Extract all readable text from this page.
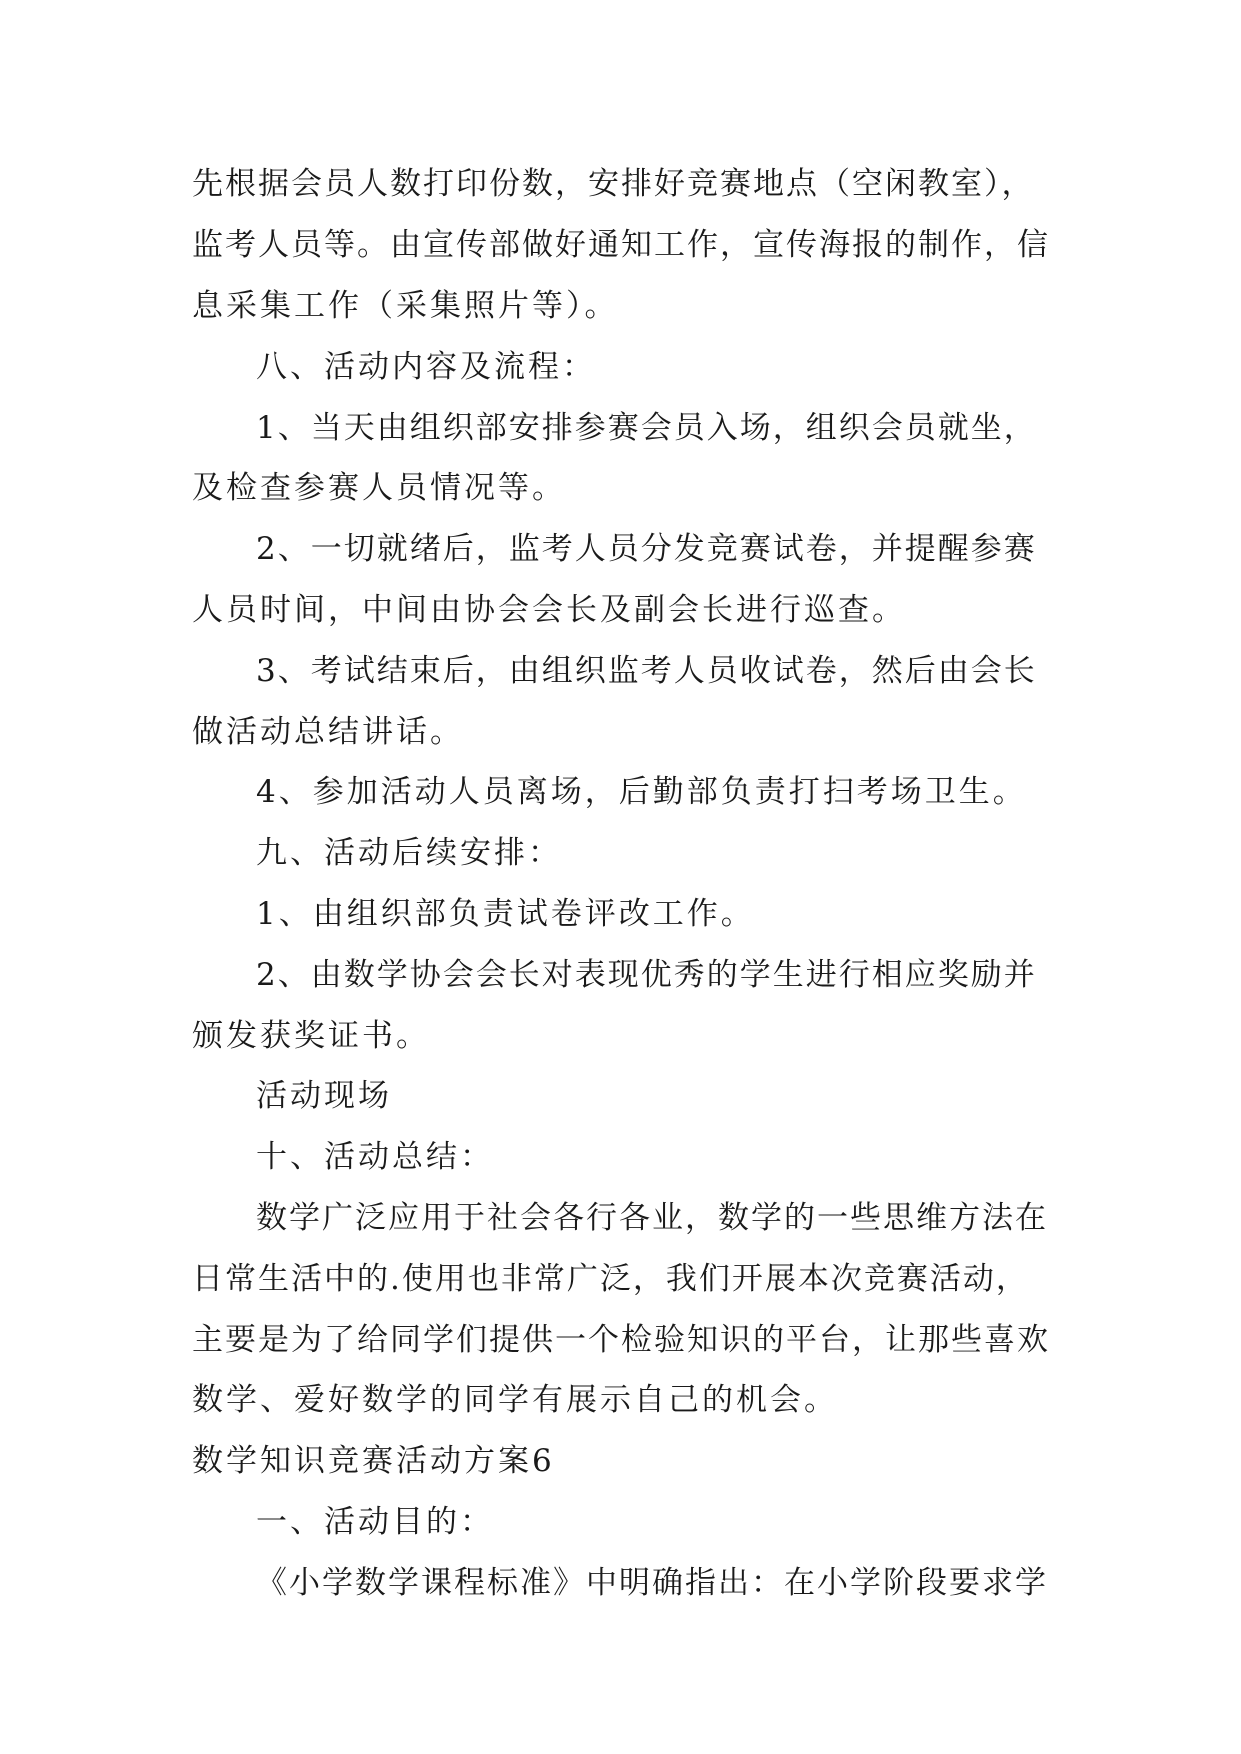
先根据会员人数打印份数，安排好竞赛地点（空闲教室），
监考人员等。由宣传部做好通知工作，宣传海报的制作，信
息采集工作（采集照片等）。
八、活动内容及流程：
1、当天由组织部安排参赛会员入场，组织会员就坐，
及检查参赛人员情况等。
2、一切就绪后，监考人员分发竞赛试卷，并提醒参赛
人员时间，中间由协会会长及副会长进行巡查。
3、考试结束后，由组织监考人员收试卷，然后由会长
做活动总结讲话。
4、参加活动人员离场，后勤部负责打扫考场卫生。
九、活动后续安排：
1、由组织部负责试卷评改工作。
2、由数学协会会长对表现优秀的学生进行相应奖励并
颁发获奖证书。
活动现场
十、活动总结：
数学广泛应用于社会各行各业，数学的一些思维方法在
日常生活中的.使用也非常广泛，我们开展本次竞赛活动，
主要是为了给同学们提供一个检验知识的平台，让那些喜欢
数学、爱好数学的同学有展示自己的机会。
数学知识竞赛活动方案6
一、活动目的：
《小学数学课程标准》中明确指出：在小学阶段要求学
